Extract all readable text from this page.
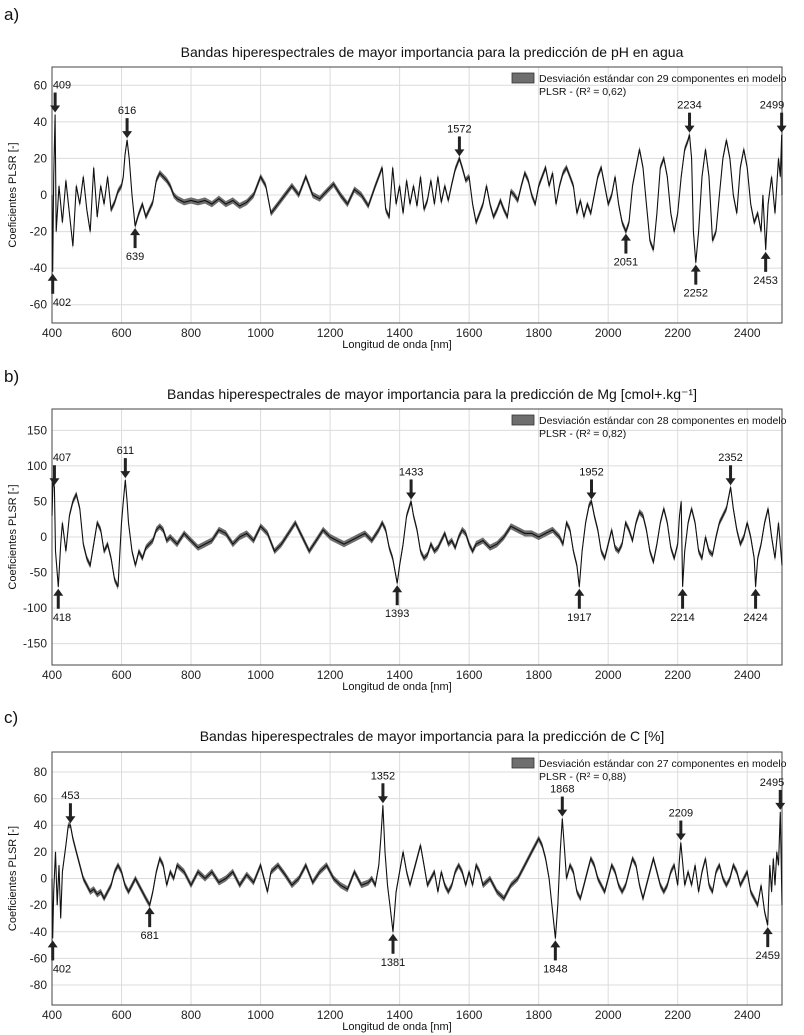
a)
Bandas hiperespectrales de mayor importancia para la predicción de pH en agua
400	600	800	1000	1200	1400	1600	1800	2000	2200	2400
-60
-40
-20
0
20
40
60
Longitud de onda [nm]
Coeficientes PLSR [-]
409
616
1572
2234	2499
402
639	2051
2252
2453
Desviación estándar con 29 componentes en modelo
PLSR - (R² = 0,62)
b)
Bandas hiperespectrales de mayor importancia para la predicción de Mg [cmol+.kg⁻¹]
400	600	800	1000	1200	1400	1600	1800	2000	2200	2400
-150
-100
-50
0
50
100
150
Longitud de onda [nm]
Coeficientes PLSR [-]
407
611
1433	1952
2352
418	1393	1917	2214	2424
Desviación estándar con 28 componentes en modelo
PLSR - (R² = 0,82)
c)
Bandas hiperespectrales de mayor importancia para la predicción de C [%]
400	600	800	1000	1200	1400	1600	1800	2000	2200	2400
-80
-60
-40
-20
0
20
40
60
80
Longitud de onda [nm]
Coeficientes PLSR [-]
453
1352
1868
2209
2495
402
681
1381
1848
2459
Desviación estándar con 27 componentes en modelo
PLSR - (R² = 0,88)
